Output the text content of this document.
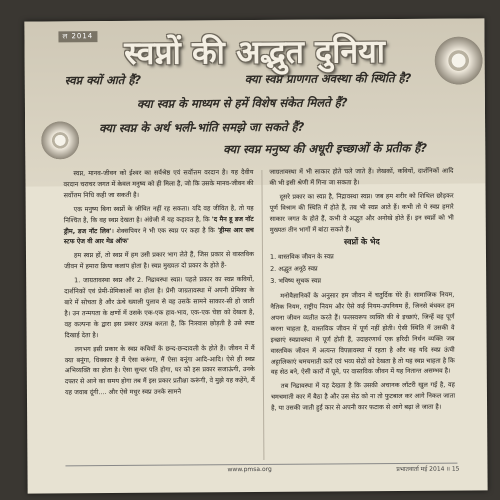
ल 2014 स्वप्नों की अद्भुत दुनिया
स्वप्न क्यों आते हैं?	क्या स्वप्न प्राणगत अवस्था की स्थिति है?
क्या स्वप्न के माध्यम से हमें विशेष संकेत मिलते हैं?
क्या स्वप्न के अर्थ भली-भांति समझे जा सकते हैं?
क्या स्वप्न मनुष्य की अधूरी इच्छाओं के प्रतीक हैं?

स्वप्न, मानव-जीवन को ईश्वर का सर्वश्रेष्ठ एवं सर्वोत्तम वरदान है। यह दैवीय वरदान चराचर जगत में केवल मनुष्य को ही मिला है, जो कि उसके मानव-जीवन की सर्वोत्तम निधि कही जा सकती है।

एक मनुष्य बिना स्वप्नों के जीवित नहीं रह सकता। यदि वह जीवित है, तो यह निश्चित है, कि वह स्वप्न देखता है। अंग्रेजी में यह कहावत है, कि 'द मैन हू डज नॉट ड्रीम, डज नॉट लिव'। शेक्सपियर ने भी एक स्वप्न पर कहा है कि 'ड्रीम्स आर सच स्टफ ऐज वी आर मेड ऑफ'

हम स्वप्न हों, तो स्वप्न में हम उसी प्रकार भाग लेते हैं, जिस प्रकार से वास्तविक जीवन में हमारा क्रिया कलाप होता है। स्वप्न मुख्यतः दो प्रकार के होते हैं-

1. जाग्रतावस्था स्वप्न और 2. निद्रावस्था स्वप्न। पहले प्रकार का स्वप्न कवियों, दार्शनिकों एवं प्रेमी-प्रेमिकाओं का होता है। प्रेमी जाग्रतावस्था में अपनी प्रेमिका के बारे में सोचता है और ऊंचे ख्याली पुलाव से वह उसके सामने साकार-सी हो जाती है। उन तन्मयता के क्षणों में उसके एक-एक हाव-भाव, एक-एक चेष्टा को देखता है, वह कल्पना के द्वारा इस प्रकार उत्पन्न करता है, कि निःस्वास छोड़ती है उसे स्पष्ट दिखाई देता है।

लगभग इसी प्रकार के स्वप्न कवियों के छन्द-छन्दावली के होते हैं। जीवन में मैं क्या बनूंगा, धिक्कार है मैं ऐसा करूंगा, मैं ऐसा बनूंगा आदि-आदि। ऐसे ही स्वप्न अभिव्यक्ति का होता है। ऐसा सुन्दर पति होगा, घर को इस प्रकार सजाऊंगी, उनके दफ्तर से आने का समय होगा तब मैं इस प्रकार प्रतीक्षा करूंगी, वे मुझे यह कहेंगे, मैं यह जवाब दूंगी.... और ऐसे मधुर स्वप्न उनके सामने

जाग्रतावस्था में भी साकार होते चले जाते हैं। लेखकों, कवियों, दार्शनिकों आदि की भी इसी श्रेणी में गिना जा सकता है।

दूसरे प्रकार का स्वप्न है, निद्रावस्था स्वप्न। जब हम शरीर को शिथिल छोड़कर पूर्ण विश्राम की स्थिति में होते हैं, तब भी स्वप्न आते हैं। कभी तो ये स्वप्न हमारे साकार जगत के होते हैं, कभी वे अद्भुत और अनोखे होते हैं। इन स्वप्नों को भी मुख्यतः तीन भागों में बांटा सकते हैं।

स्वप्नों के भेद

1. वास्तविक जीवन के स्वप्न
2. अद्भुत अनूठे स्वप्न
3. भविष्य सूचक स्वप्न

मनोवैज्ञानिकों के अनुसार हम जीवन में चतुर्दिक घेरे हैं। सामाजिक नियम, नैतिक नियम, राष्ट्रीय नियम और ऐसे कई नियम-उपनियम हैं, जिनसे बंधकर हम अपना जीवन व्यतीत करते हैं। फलस्वरूप व्यक्ति की वे इच्छाएं, जिन्हें वह पूर्ण करना चाहता है, वास्तविक जीवन में पूर्ण नहीं होती। ऐसी स्थिति में उसकी वे इच्छाएं स्वप्नावस्था में पूर्ण होती हैं, उदाहरणार्थ एक हरिदी निर्धन व्यक्ति जब वास्तविक जीवन में अत्यन्त विपन्नावस्था में रहता है और वह यदि स्वप्न ऊंची अट्टालिकाएं चमचमाती कारें एवं भव्य सेठों को देखता है तो यह स्वप्न चाहता है कि वह सेठ बने, ऐसी कारों में घूमे, पर वास्तविक जीवन में यह नितान्त असम्भव है।

तब निद्रावस्था में यह देखता है कि उसकी अचानक लॉटरी खुल गई है, वह चमचमाती कार में बैठा है और उस सेठ को ना तो फुटबाल कर आगे निकल जाता है, या उसकी जाती हुई कार से अपनी कार फटाक से आगे बढ़ा ले जाता है।

www.pmsa.org	प्रभातवार्ता मई 2014 ॥ 15
